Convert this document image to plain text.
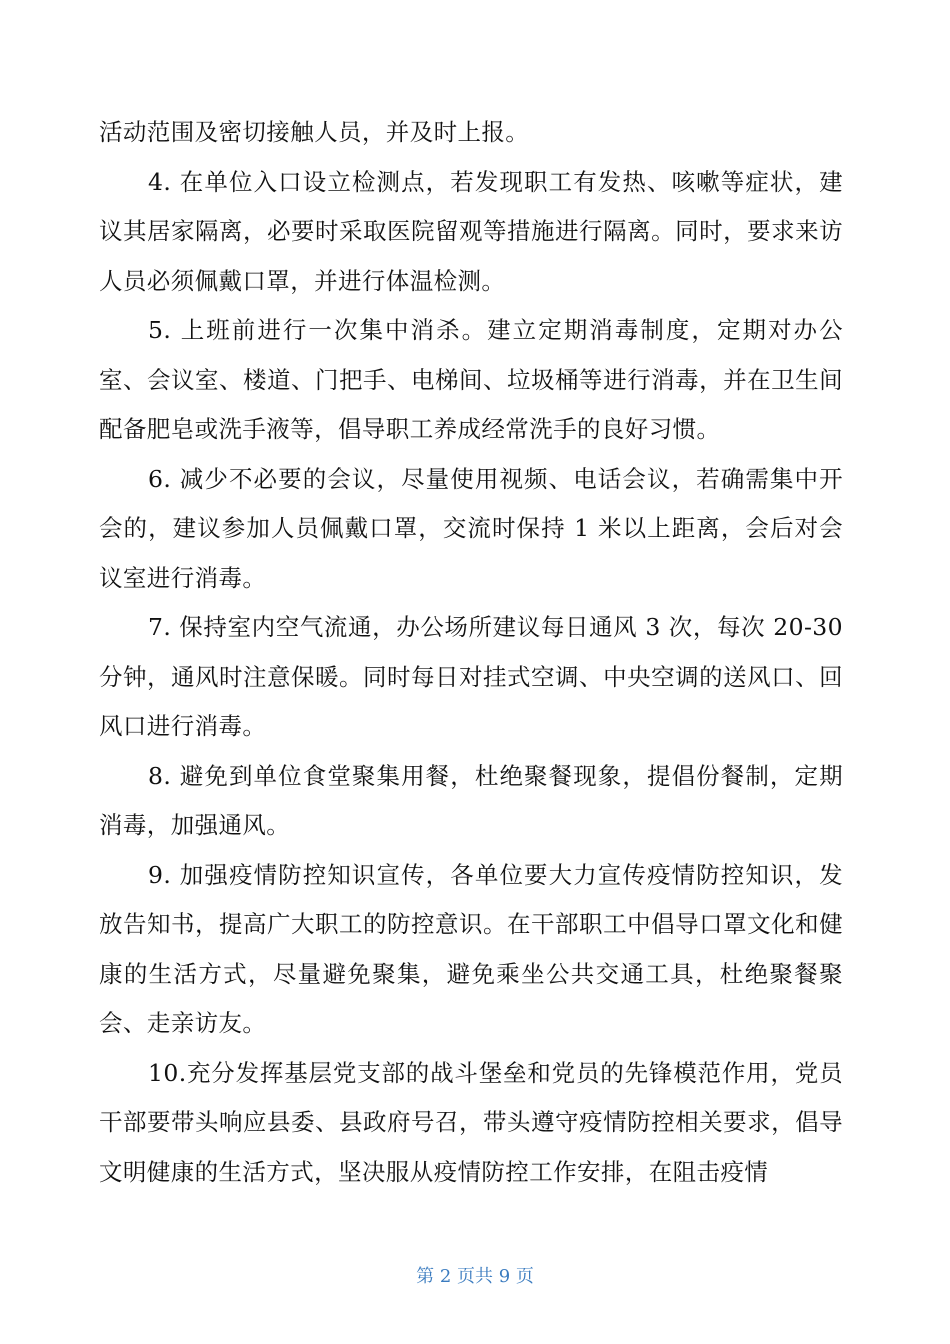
活动范围及密切接触人员，并及时上报。

4. 在单位入口设立检测点，若发现职工有发热、咳嗽等症状，建议其居家隔离，必要时采取医院留观等措施进行隔离。同时，要求来访人员必须佩戴口罩，并进行体温检测。

5. 上班前进行一次集中消杀。建立定期消毒制度，定期对办公室、会议室、楼道、门把手、电梯间、垃圾桶等进行消毒，并在卫生间配备肥皂或洗手液等，倡导职工养成经常洗手的良好习惯。

6. 减少不必要的会议，尽量使用视频、电话会议，若确需集中开会的，建议参加人员佩戴口罩，交流时保持 1 米以上距离，会后对会议室进行消毒。

7. 保持室内空气流通，办公场所建议每日通风 3 次，每次 20-30 分钟，通风时注意保暖。同时每日对挂式空调、中央空调的送风口、回风口进行消毒。

8. 避免到单位食堂聚集用餐，杜绝聚餐现象，提倡份餐制，定期消毒，加强通风。

9. 加强疫情防控知识宣传，各单位要大力宣传疫情防控知识，发放告知书，提高广大职工的防控意识。在干部职工中倡导口罩文化和健康的生活方式，尽量避免聚集，避免乘坐公共交通工具，杜绝聚餐聚会、走亲访友。

10.充分发挥基层党支部的战斗堡垒和党员的先锋模范作用，党员干部要带头响应县委、县政府号召，带头遵守疫情防控相关要求，倡导文明健康的生活方式，坚决服从疫情防控工作安排，在阻击疫情

第 2 页共 9 页
